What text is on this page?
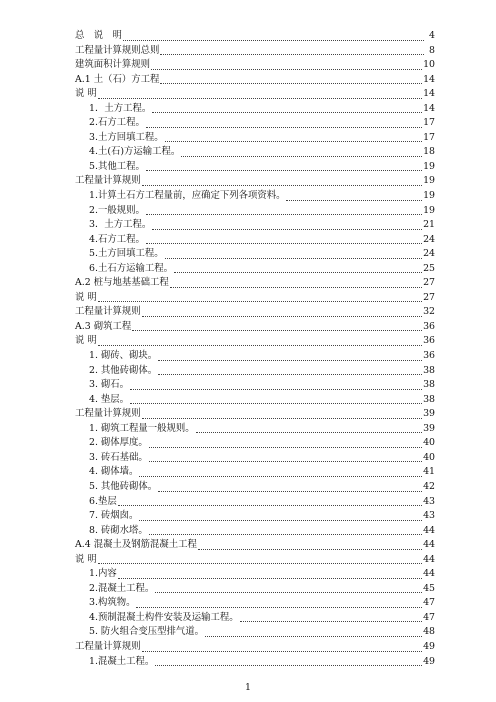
总　说　明	4
工程量计算规则总则	8
建筑面积计算规则	10
A.1 土（石）方工程	14
说 明	14
1．土方工程。	14
2.石方工程。	17
3.土方回填工程。	17
4.土(石)方运输工程。	18
5.其他工程。	19
工程量计算规则	19
1.计算土石方工程量前，应确定下列各项资料。	19
2.一般规则。	19
3．土方工程。	21
4.石方工程。	24
5.土方回填工程。	24
6.土石方运输工程。	25
A.2 桩与地基基础工程	27
说 明	27
工程量计算规则	32
A.3 砌筑工程	36
说 明	36
1. 砌砖、砌块。	36
2. 其他砖砌体。	38
3. 砌石。	38
4. 垫层。	38
工程量计算规则	39
1. 砌筑工程量一般规则。	39
2. 砌体厚度。	40
3. 砖石基础。	40
4. 砌体墙。	41
5. 其他砖砌体。	42
6.垫层	43
7. 砖烟囱。	43
8. 砖砌水塔。	44
A.4 混凝土及钢筋混凝土工程	44
说 明	44
1.内容	44
2.混凝土工程。	45
3.构筑物。	47
4.预制混凝土构件安装及运输工程。	47
5. 防火组合变压型排气道。	48
工程量计算规则	49
1.混凝土工程。	49
1
